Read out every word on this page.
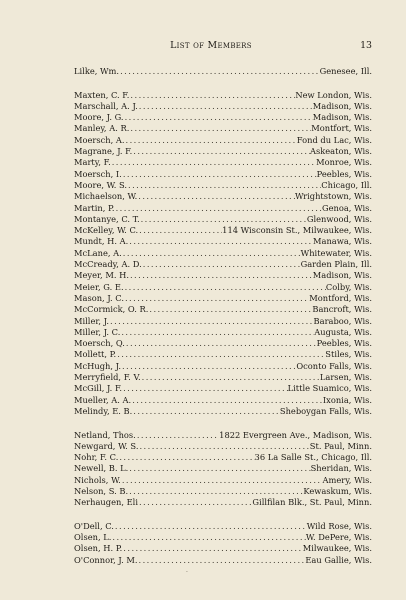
List of Members	13
Lilke, Wm. . . .	Genesee, Ill.
Maxten, C. F. . . .	New London, Wis.
Marschall, A. J. . . .	Madison, Wis.
Moore, J. G. . . .	Madison, Wis.
Manley, A. R. . . .	Montfort, Wis.
Moersch, A. . . .	Fond du Lac, Wis.
Magrane, J. F. . . .	Askeaton, Wis.
Marty, F. . . .	Monroe, Wis.
Moersch, I. . . .	Peebles, Wis.
Moore, W. S. . . .	Chicago, Ill.
Michaelson, W. . . .	Wrightstown, Wis.
Martin, P. . . .	Genoa, Wis.
Montanye, C. T. . . .	Glenwood, Wis.
McKelley, W. C. . . .	114 Wisconsin St., Milwaukee, Wis.
Mundt, H. A. . . .	Manawa, Wis.
McLane, A. . . .	Whitewater, Wis.
McCready, A. D. . . .	Garden Plain, Ill.
Meyer, M. H. . . .	Madison, Wis.
Meier, G. E. . . .	Colby, Wis.
Mason, J. C. . . .	Montford, Wis.
McCormick, O. R. . . .	Bancroft, Wis.
Miller, J. . . .	Baraboo, Wis.
Miller, J. C. . . .	Augusta, Wis.
Moersch, Q. . . .	Peebles, Wis.
Mollett, P. . . .	Stiles, Wis.
McHugh, J. . . .	Oconto Falls, Wis.
Merryfield, F. V. . . .	Larsen, Wis.
McGill, J. F. . . .	Little Suamico, Wis.
Mueller, A. A. . . .	Ixonia, Wis.
Melindy, E. B. . . .	Sheboygan Falls, Wis.
Netland, Thos. . . .	1822 Evergreen Ave., Madison, Wis.
Newgard, W. S. . . .	St. Paul, Minn.
Nohr, F. C. . . .	36 La Salle St., Chicago, Ill.
Newell, B. L. . . .	Sheridan, Wis.
Nichols, W. . . .	Amery, Wis.
Nelson, S. B. . . .	Kewaskum, Wis.
Nerhaugen, Eli . . .	Gillfilan Blk., St. Paul, Minn.
O'Dell, C. . . .	Wild Rose, Wis.
Olsen, L. . . .	W. DePere, Wis.
Olsen, H. P. . . .	Milwaukee, Wis.
O'Connor, J. M. . . .	Eau Gallie, Wis.
·
